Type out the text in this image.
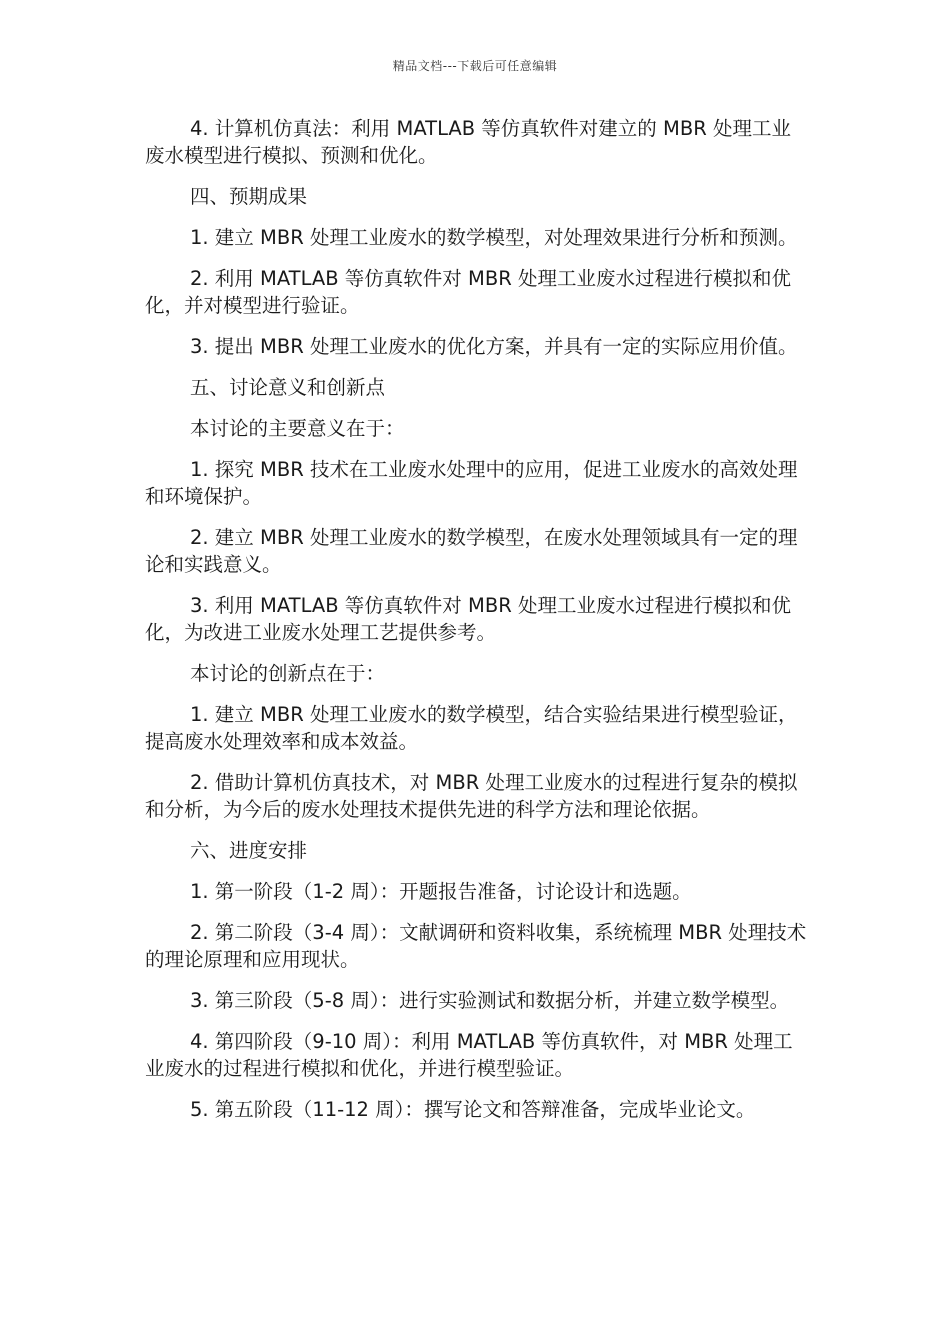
精品文档---下载后可任意编辑

4. 计算机仿真法：利用 MATLAB 等仿真软件对建立的 MBR 处理工业废水模型进行模拟、预测和优化。

四、预期成果

1. 建立 MBR 处理工业废水的数学模型，对处理效果进行分析和预测。

2. 利用 MATLAB 等仿真软件对 MBR 处理工业废水过程进行模拟和优化，并对模型进行验证。

3. 提出 MBR 处理工业废水的优化方案，并具有一定的实际应用价值。

五、讨论意义和创新点

本讨论的主要意义在于：

1. 探究 MBR 技术在工业废水处理中的应用，促进工业废水的高效处理和环境保护。

2. 建立 MBR 处理工业废水的数学模型，在废水处理领域具有一定的理论和实践意义。

3. 利用 MATLAB 等仿真软件对 MBR 处理工业废水过程进行模拟和优化，为改进工业废水处理工艺提供参考。

本讨论的创新点在于：

1. 建立 MBR 处理工业废水的数学模型，结合实验结果进行模型验证，提高废水处理效率和成本效益。

2. 借助计算机仿真技术，对 MBR 处理工业废水的过程进行复杂的模拟和分析，为今后的废水处理技术提供先进的科学方法和理论依据。

六、进度安排

1. 第一阶段（1-2 周）：开题报告准备，讨论设计和选题。

2. 第二阶段（3-4 周）：文献调研和资料收集，系统梳理 MBR 处理技术的理论原理和应用现状。

3. 第三阶段（5-8 周）：进行实验测试和数据分析，并建立数学模型。

4. 第四阶段（9-10 周）：利用 MATLAB 等仿真软件，对 MBR 处理工业废水的过程进行模拟和优化，并进行模型验证。

5. 第五阶段（11-12 周）：撰写论文和答辩准备，完成毕业论文。
